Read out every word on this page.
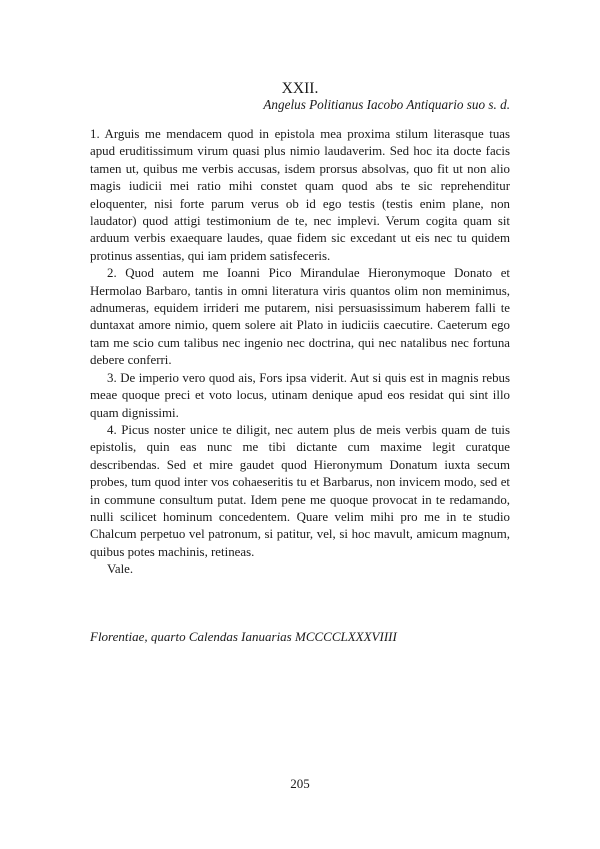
XXII.

Angelus Politianus Iacobo Antiquario suo s. d.

1. Arguis me mendacem quod in epistola mea proxima stilum literasque tuas apud eruditissimum virum quasi plus nimio laudaverim. Sed hoc ita docte facis tamen ut, quibus me verbis accusas, isdem prorsus absolvas, quo fit ut non alio magis iudicii mei ratio mihi constet quam quod abs te sic reprehenditur eloquenter, nisi forte parum verus ob id ego testis (testis enim plane, non laudator) quod attigi testimonium de te, nec implevi. Verum cogita quam sit arduum verbis exaequare laudes, quae fidem sic excedant ut eis nec tu quidem protinus assentias, qui iam pridem satisfeceris.

2. Quod autem me Ioanni Pico Mirandulae Hieronymoque Donato et Hermolao Barbaro, tantis in omni literatura viris quantos olim non meminimus, adnumeras, equidem irrideri me putarem, nisi persuasissimum haberem falli te duntaxat amore nimio, quem solere ait Plato in iudiciis caecutire. Caeterum ego tam me scio cum talibus nec ingenio nec doctrina, qui nec natalibus nec fortuna debere conferri.

3. De imperio vero quod ais, Fors ipsa viderit. Aut si quis est in magnis rebus meae quoque preci et voto locus, utinam denique apud eos residat qui sint illo quam dignissimi.

4. Picus noster unice te diligit, nec autem plus de meis verbis quam de tuis epistolis, quin eas nunc me tibi dictante cum maxime legit curatque describendas. Sed et mire gaudet quod Hieronymum Donatum iuxta secum probes, tum quod inter vos cohaeseritis tu et Barbarus, non invicem modo, sed et in commune consultum putat. Idem pene me quoque provocat in te redamando, nulli scilicet hominum concedentem. Quare velim mihi pro me in te studio Chalcum perpetuo vel patronum, si patitur, vel, si hoc mavult, amicum magnum, quibus potes machinis, retineas.

Vale.

Florentiae, quarto Calendas Ianuarias MCCCCLXXXVIIII

205
